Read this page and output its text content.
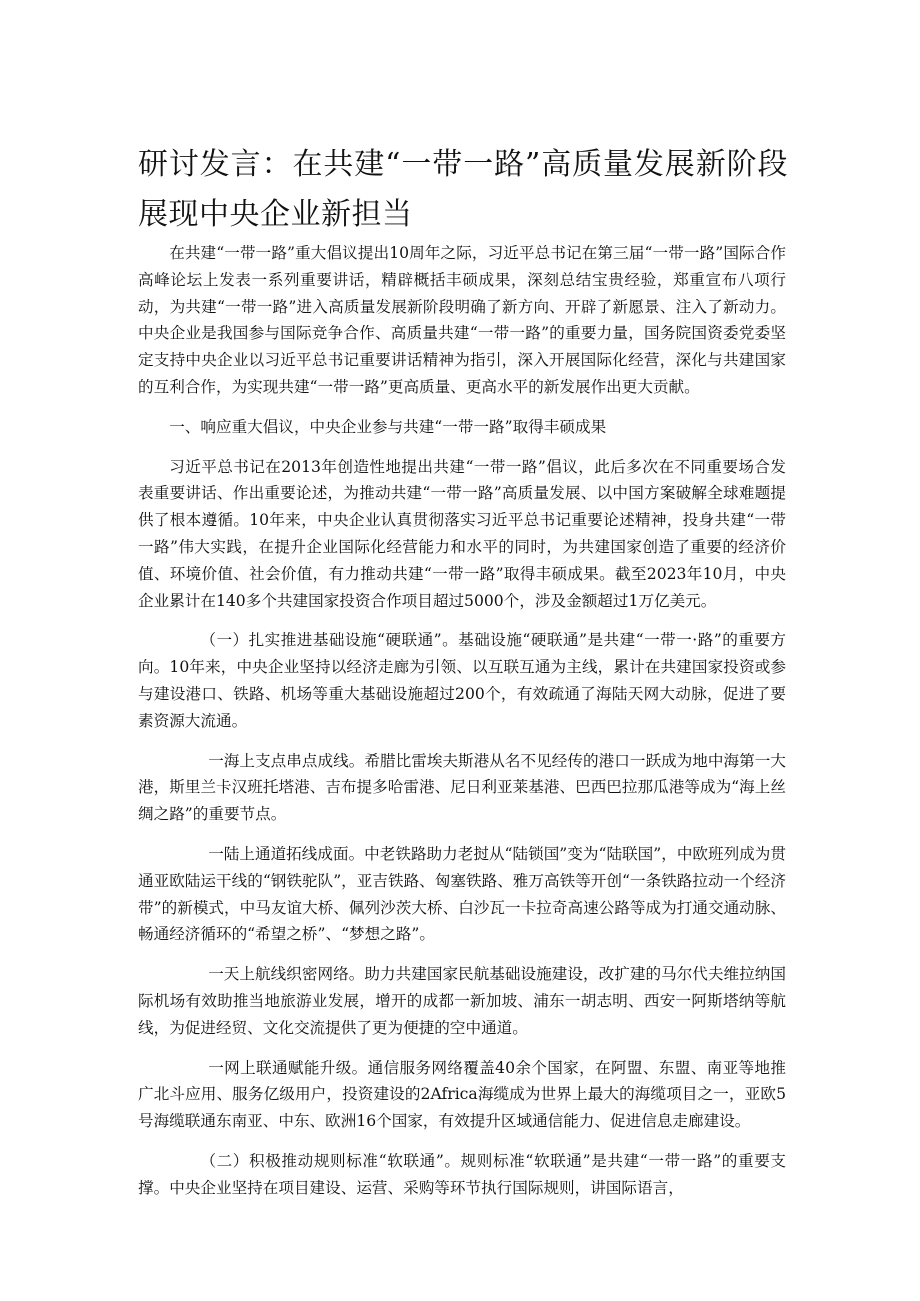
研讨发言：在共建“一带一路”高质量发展新阶段展现中央企业新担当

在共建“一带一路”重大倡议提出10周年之际，习近平总书记在第三届“一带一路”国际合作高峰论坛上发表一系列重要讲话，精辟概括丰硕成果，深刻总结宝贵经验，郑重宣布八项行动，为共建“一带一路”进入高质量发展新阶段明确了新方向、开辟了新愿景、注入了新动力。中央企业是我国参与国际竞争合作、高质量共建“一带一路”的重要力量，国务院国资委党委坚定支持中央企业以习近平总书记重要讲话精神为指引，深入开展国际化经营，深化与共建国家的互利合作，为实现共建“一带一路”更高质量、更高水平的新发展作出更大贡献。

一、响应重大倡议，中央企业参与共建“一带一路”取得丰硕成果

习近平总书记在2013年创造性地提出共建“一带一路”倡议，此后多次在不同重要场合发表重要讲话、作出重要论述，为推动共建“一带一路”高质量发展、以中国方案破解全球难题提供了根本遵循。10年来，中央企业认真贯彻落实习近平总书记重要论述精神，投身共建“一带一路”伟大实践，在提升企业国际化经营能力和水平的同时，为共建国家创造了重要的经济价值、环境价值、社会价值，有力推动共建“一带一路”取得丰硕成果。截至2023年10月，中央企业累计在140多个共建国家投资合作项目超过5000个，涉及金额超过1万亿美元。

（一）扎实推进基础设施“硬联通”。基础设施“硬联通”是共建“一带一·路”的重要方向。10年来，中央企业坚持以经济走廊为引领、以互联互通为主线，累计在共建国家投资或参与建设港口、铁路、机场等重大基础设施超过200个，有效疏通了海陆天网大动脉，促进了要素资源大流通。

一海上支点串点成线。希腊比雷埃夫斯港从名不见经传的港口一跃成为地中海第一大港，斯里兰卡汉班托塔港、吉布提多哈雷港、尼日利亚莱基港、巴西巴拉那瓜港等成为“海上丝绸之路”的重要节点。

一陆上通道拓线成面。中老铁路助力老挝从“陆锁国”变为“陆联国”，中欧班列成为贯通亚欧陆运干线的“钢铁驼队”，亚吉铁路、匈塞铁路、雅万高铁等开创“一条铁路拉动一个经济带”的新模式，中马友谊大桥、佩列沙茨大桥、白沙瓦一卡拉奇高速公路等成为打通交通动脉、畅通经济循环的“希望之桥”、“梦想之路”。

一天上航线织密网络。助力共建国家民航基础设施建设，改扩建的马尔代夫维拉纳国际机场有效助推当地旅游业发展，增开的成都一新加坡、浦东一胡志明、西安一阿斯塔纳等航线，为促进经贸、文化交流提供了更为便捷的空中通道。

一网上联通赋能升级。通信服务网络覆盖40余个国家，在阿盟、东盟、南亚等地推广北斗应用、服务亿级用户，投资建设的2Africa海缆成为世界上最大的海缆项目之一，亚欧5号海缆联通东南亚、中东、欧洲16个国家，有效提升区域通信能力、促进信息走廊建设。

（二）积极推动规则标准“软联通”。规则标准“软联通”是共建“一带一路”的重要支撑。中央企业坚持在项目建设、运营、采购等环节执行国际规则，讲国际语言，
